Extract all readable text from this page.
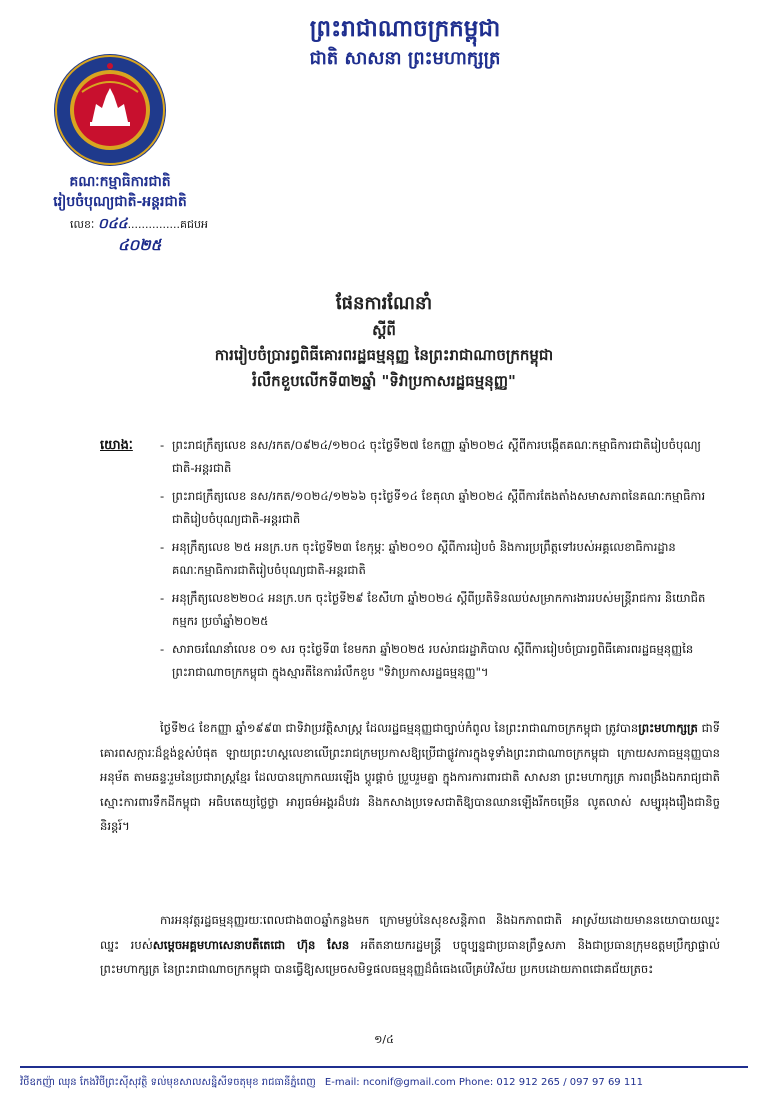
ព្រះរាជាណាចក្រកម្ពុជា
ជាតិ សាសនា ព្រះមហាក្សត្រ
គណៈកម្មាធិការជាតិ
រៀបចំបុណ្យជាតិ-អន្តរជាតិ
លេខៈ ០៤៤...............គជបអ
៤០២៥
ផែនការណែនាំ
ស្តីពី
ការរៀបចំប្រារព្ធពិធីគោរពរដ្ឋធម្មនុញ្ញ នៃព្រះរាជាណាចក្រកម្ពុជា
រំលឹកខួបលើកទី៣២ឆ្នាំ "ទិវាប្រកាសរដ្ឋធម្មនុញ្ញ"
យោង
-	ព្រះរាជក្រឹត្យលេខ នស/រកត/០៩២៤/១២០៤ ចុះថ្ងៃទី២៧ ខែកញ្ញា ឆ្នាំ២០២៤ ស្តីពីការបង្កើតគណៈកម្មាធិការជាតិរៀបចំបុណ្យជាតិ-អន្តរជាតិ
- ព្រះរាជក្រឹត្យលេខ នស/រកត/១០២៤/១២៦៦ ចុះថ្ងៃទី១៤ ខែតុលា ឆ្នាំ២០២៤ ស្តីពីការតែងតាំងសមាសភាពនៃគណៈកម្មាធិការជាតិរៀបចំបុណ្យជាតិ-អន្តរជាតិ
- អនុក្រឹត្យលេខ ២៥ អនក្រ.បក ចុះថ្ងៃទី២៣ ខែកុម្ភៈ ឆ្នាំ២០១០ ស្តីពីការរៀបចំ និងការប្រព្រឹត្តទៅរបស់អគ្គលេខាធិការដ្ឋាន គណៈកម្មាធិការជាតិរៀបចំបុណ្យជាតិ-អន្តរជាតិ
- អនុក្រឹត្យលេខ២២០៤ អនក្រ.បក ចុះថ្ងៃទី២៩ ខែសីហា ឆ្នាំ២០២៤ ស្តីពីប្រតិទិនឈប់សម្រាកការងាររបស់មន្ត្រីរាជការ និយោជិត កម្មករ ប្រចាំឆ្នាំ២០២៥
- សារាចរណែនាំលេខ ០១ សរ ចុះថ្ងៃទី៣ ខែមករា ឆ្នាំ២០២៥ របស់រាជរដ្ឋាភិបាល ស្តីពីការរៀបចំប្រារព្ធពិធីគោរពរដ្ឋធម្មនុញ្ញនៃព្រះរាជាណាចក្រកម្ពុជា ក្នុងស្មារតីនៃការរំលឹកខួប "ទិវាប្រកាសរដ្ឋធម្មនុញ្ញ"។
ថ្ងៃទី២៤ ខែកញ្ញា ឆ្នាំ១៩៩៣ ជាទិវាប្រវត្តិសាស្ត្រ ដែលរដ្ឋធម្មនុញ្ញជាច្បាប់កំពូល នៃព្រះរាជាណាចក្រកម្ពុជា ត្រូវបានព្រះមហាក្សត្រ ជាទីគោរពសក្ការៈដ៏ខ្ពង់ខ្ពស់បំផុត ឡាយព្រះហស្តលេខាលើព្រះរាជក្រមប្រកាសឱ្យប្រើជាផ្លូវការក្នុងទូទាំងព្រះរាជាណាចក្រកម្ពុជា ក្រោយសភាធម្មនុញ្ញបានអនុម័ត តាមឆន្ទៈរួមនៃប្រជារាស្ត្រខ្មែរ ដែលបានក្រោកឈរឡើង ប្តូរផ្តាច់ ប្រួបរួមគ្នា ក្នុងការការពារជាតិ សាសនា ព្រះមហាក្សត្រ ការពង្រឹងឯករាជ្យជាតិ ស្មោះការពារទឹកដីកម្ពុជា អធិបតេយ្យថ្លៃថ្លា អារ្យធម៌អង្គរដ៏បវរ និងកសាងប្រទេសជាតិឱ្យបានឈានឡើងរីកចម្រើន លូតលាស់ សម្បូររុងរឿងជានិច្ចនិរន្តរ៍។
ការអនុវត្តរដ្ឋធម្មនុញ្ញរយៈពេលជាង៣០ឆ្នាំកន្លងមក ក្រោមម្លប់នៃសុខសន្តិភាព និងឯកភាពជាតិ អាស្រ័យដោយមាននយោបាយឈ្នះ ឈ្នះ របស់សម្តេចអគ្គមហាសេនាបតីតេជោ ហ៊ុន សែន អតីតនាយករដ្ឋមន្ត្រី បច្ចុប្បន្នជាប្រធានព្រឹទ្ធសភា និងជាប្រធានក្រុមឧត្តមប្រឹក្សាផ្ទាល់ព្រះមហាក្សត្រ នៃព្រះរាជាណាចក្រកម្ពុជា បានធ្វើឱ្យសម្រេចសមិទ្ធផលធម្មនុញ្ញដ៏ធំធេងលើគ្រប់វិស័យ ប្រកបដោយភាពជោគជ័យត្រចះ
១/៤
វិថីឧកញ៉ា ឈុន កែងវិថីព្រះស៊ីសុវត្ថិ ទល់មុខសាលសន្និសីទចតុមុខ រាជធានីភ្នំពេញ E-mail: nconif@gmail.com Phone: 012 912 265 / 097 97 69 111
